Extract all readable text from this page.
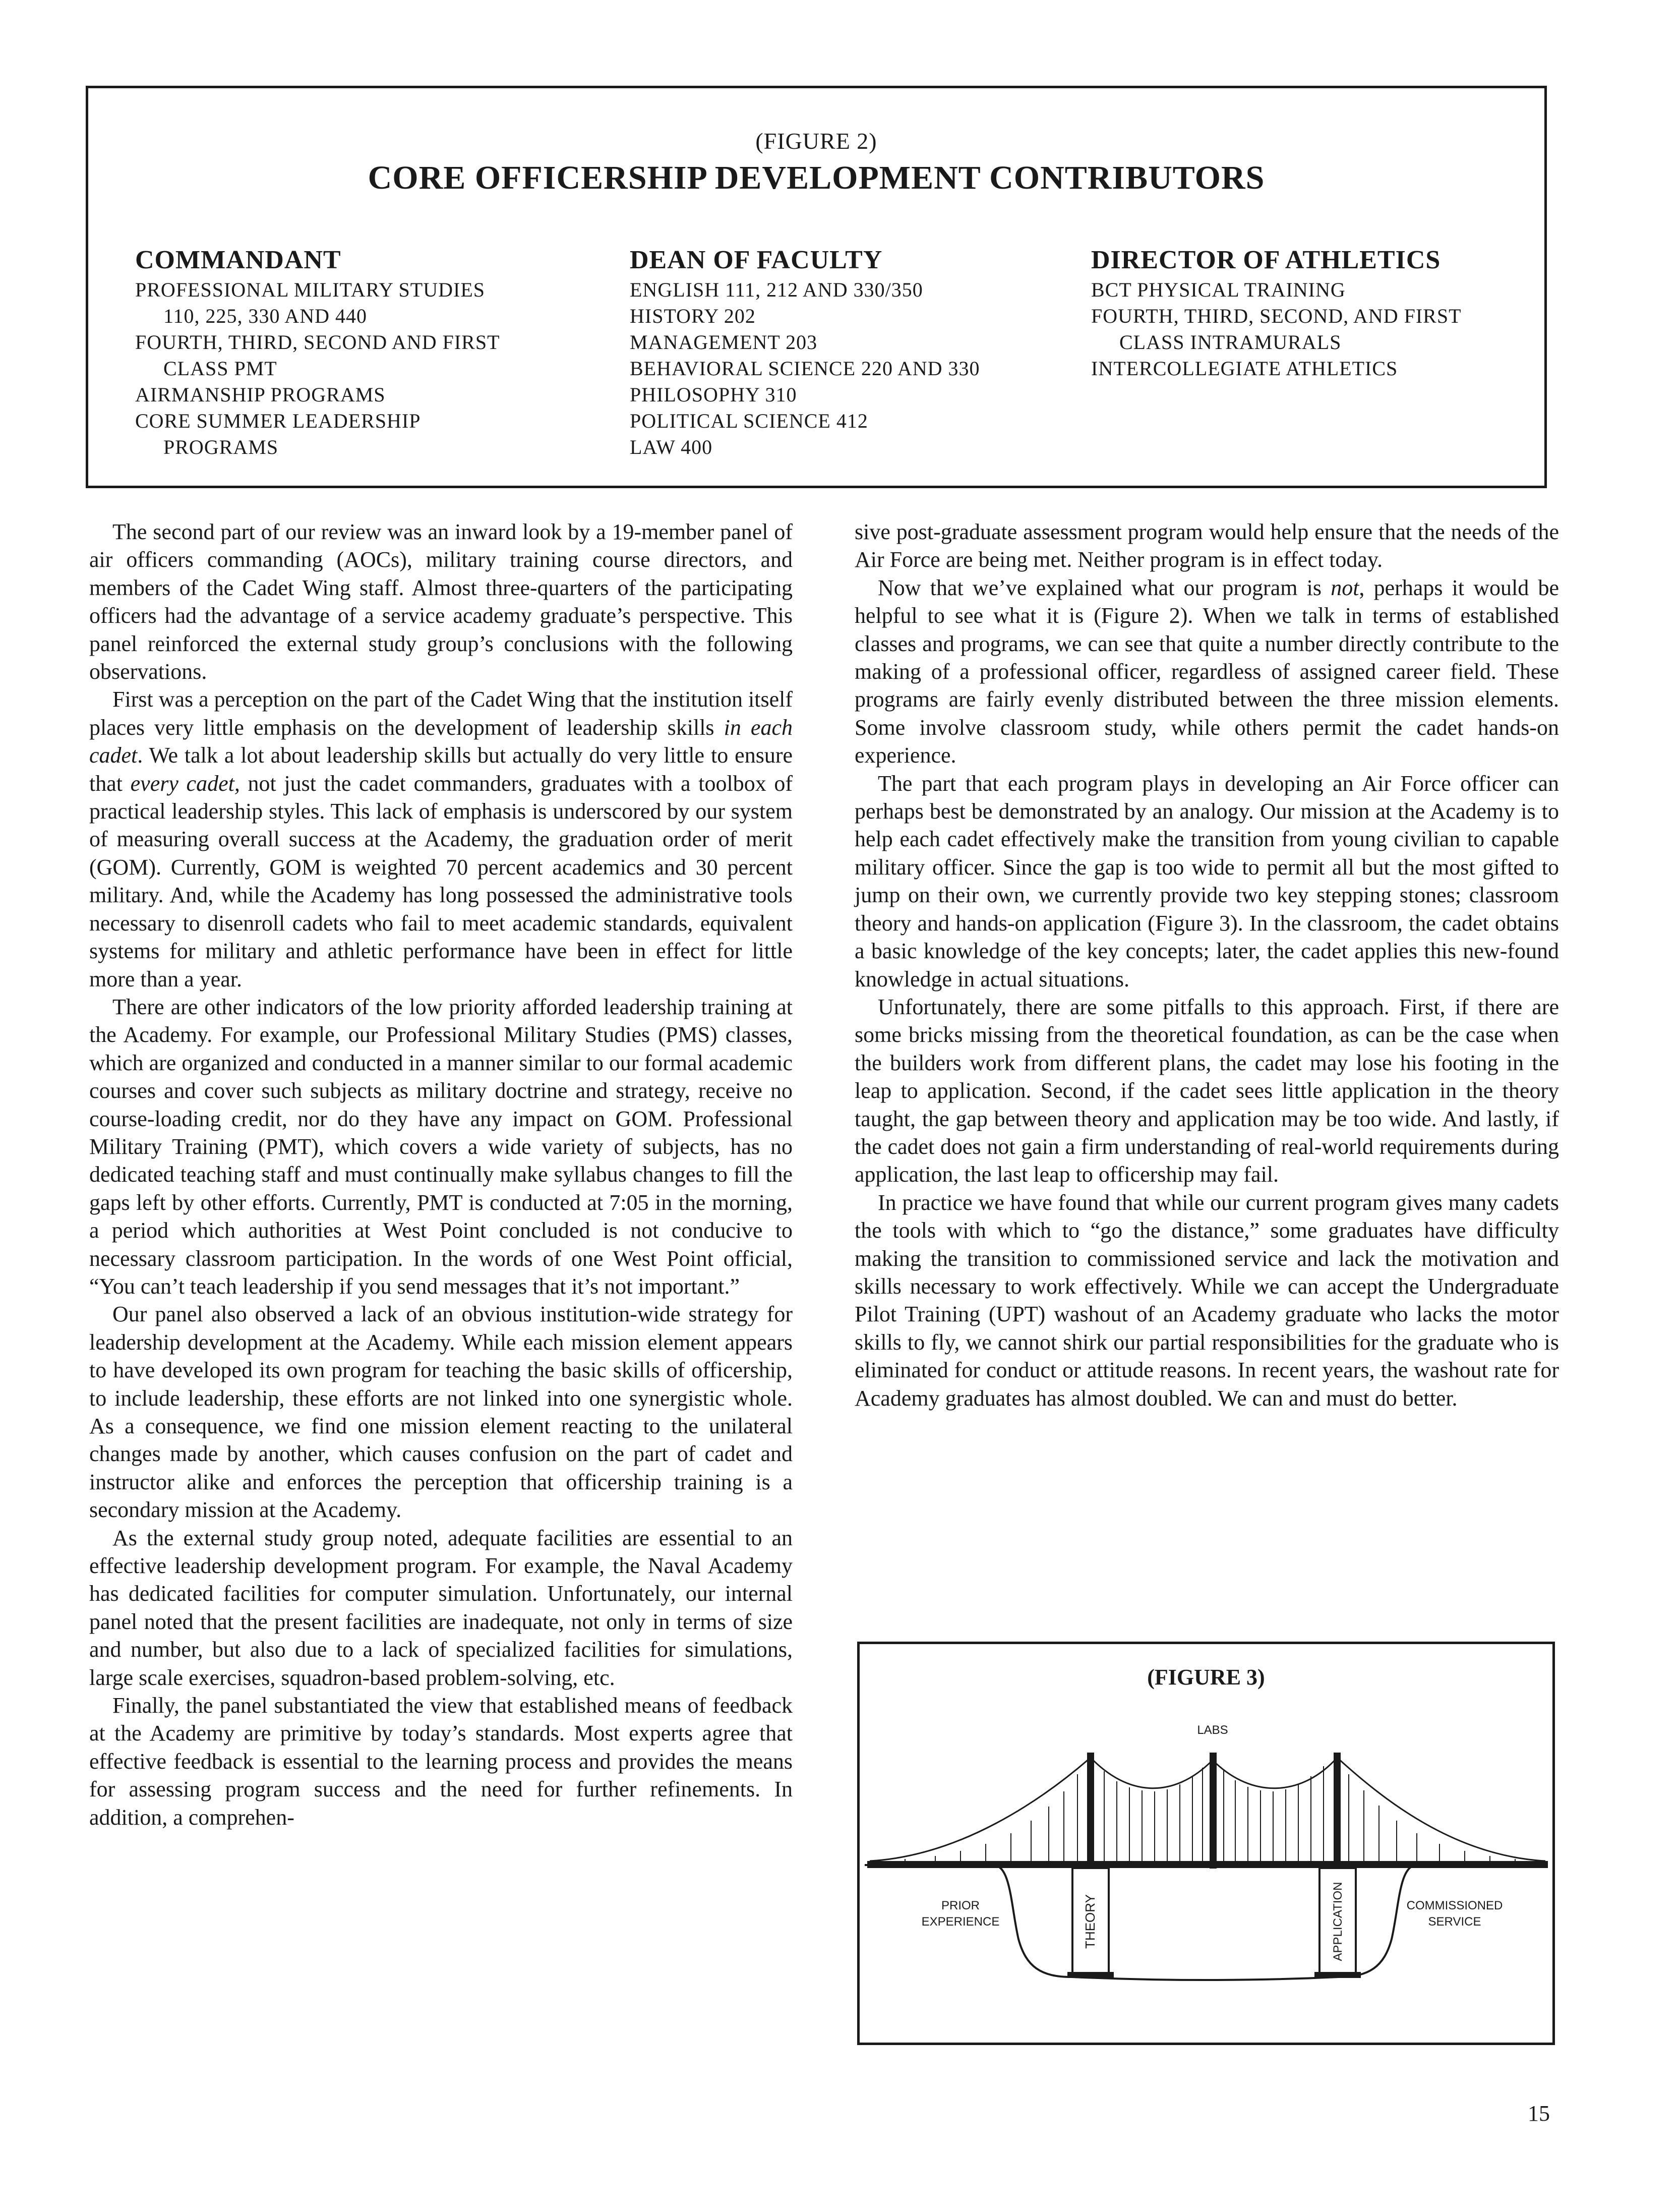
(FIGURE 2)
CORE OFFICERSHIP DEVELOPMENT CONTRIBUTORS
COMMANDANT
PROFESSIONAL MILITARY STUDIES
110, 225, 330 AND 440
FOURTH, THIRD, SECOND AND FIRST
CLASS PMT
AIRMANSHIP PROGRAMS
CORE SUMMER LEADERSHIP
PROGRAMS
DEAN OF FACULTY
ENGLISH 111, 212 AND 330/350
HISTORY 202
MANAGEMENT 203
BEHAVIORAL SCIENCE 220 AND 330
PHILOSOPHY 310
POLITICAL SCIENCE 412
LAW 400
DIRECTOR OF ATHLETICS
BCT PHYSICAL TRAINING
FOURTH, THIRD, SECOND, AND FIRST
CLASS INTRAMURALS
INTERCOLLEGIATE ATHLETICS

The second part of our review was an inward look by a 19-member panel of air officers commanding (AOCs), military training course directors, and members of the Cadet Wing staff. Almost three-quarters of the participating officers had the advantage of a service academy graduate’s perspective. This panel reinforced the external study group’s conclusions with the following observations.

First was a perception on the part of the Cadet Wing that the institution itself places very little emphasis on the development of leadership skills in each cadet. We talk a lot about leadership skills but actually do very little to ensure that every cadet, not just the cadet commanders, graduates with a toolbox of practical leadership styles. This lack of emphasis is underscored by our system of measuring overall success at the Academy, the graduation order of merit (GOM). Currently, GOM is weighted 70 percent academics and 30 percent military. And, while the Academy has long possessed the administrative tools necessary to disenroll cadets who fail to meet academic standards, equivalent systems for military and athletic performance have been in effect for little more than a year.

There are other indicators of the low priority afforded leadership training at the Academy. For example, our Professional Military Studies (PMS) classes, which are organized and conducted in a manner similar to our formal academic courses and cover such subjects as military doctrine and strategy, receive no course-loading credit, nor do they have any impact on GOM. Professional Military Training (PMT), which covers a wide variety of subjects, has no dedicated teaching staff and must continually make syllabus changes to fill the gaps left by other efforts. Currently, PMT is conducted at 7:05 in the morning, a period which authorities at West Point concluded is not conducive to necessary classroom participation. In the words of one West Point official, “You can’t teach leadership if you send messages that it’s not important.”

Our panel also observed a lack of an obvious institution-wide strategy for leadership development at the Academy. While each mission element appears to have developed its own program for teaching the basic skills of officership, to include leadership, these efforts are not linked into one synergistic whole. As a consequence, we find one mission element reacting to the unilateral changes made by another, which causes confusion on the part of cadet and instructor alike and enforces the perception that officership training is a secondary mission at the Academy.

As the external study group noted, adequate facilities are essential to an effective leadership development program. For example, the Naval Academy has dedicated facilities for computer simulation. Unfortunately, our internal panel noted that the present facilities are inadequate, not only in terms of size and number, but also due to a lack of specialized facilities for simulations, large scale exercises, squadron-based problem-solving, etc.

Finally, the panel substantiated the view that established means of feedback at the Academy are primitive by today’s standards. Most experts agree that effective feedback is essential to the learning process and provides the means for assessing program success and the need for further refinements. In addition, a comprehen-

sive post-graduate assessment program would help ensure that the needs of the Air Force are being met. Neither program is in effect today.

Now that we’ve explained what our program is not, perhaps it would be helpful to see what it is (Figure 2). When we talk in terms of established classes and programs, we can see that quite a number directly contribute to the making of a professional officer, regardless of assigned career field. These programs are fairly evenly distributed between the three mission elements. Some involve classroom study, while others permit the cadet hands-on experience.

The part that each program plays in developing an Air Force officer can perhaps best be demonstrated by an analogy. Our mission at the Academy is to help each cadet effectively make the transition from young civilian to capable military officer. Since the gap is too wide to permit all but the most gifted to jump on their own, we currently provide two key stepping stones; classroom theory and hands-on application (Figure 3). In the classroom, the cadet obtains a basic knowledge of the key concepts; later, the cadet applies this new-found knowledge in actual situations.

Unfortunately, there are some pitfalls to this approach. First, if there are some bricks missing from the theoretical foundation, as can be the case when the builders work from different plans, the cadet may lose his footing in the leap to application. Second, if the cadet sees little application in the theory taught, the gap between theory and application may be too wide. And lastly, if the cadet does not gain a firm understanding of real-world requirements during application, the last leap to officership may fail.

In practice we have found that while our current program gives many cadets the tools with which to “go the distance,” some graduates have difficulty making the transition to commissioned service and lack the motivation and skills necessary to work effectively. While we can accept the Undergraduate Pilot Training (UPT) washout of an Academy graduate who lacks the motor skills to fly, we cannot shirk our partial responsibilities for the graduate who is eliminated for conduct or attitude reasons. In recent years, the washout rate for Academy graduates has almost doubled. We can and must do better.

(FIGURE 3)
LABS
PRIOR
EXPERIENCE	THEORY	APPLICATION	COMMISSIONED
SERVICE
15
